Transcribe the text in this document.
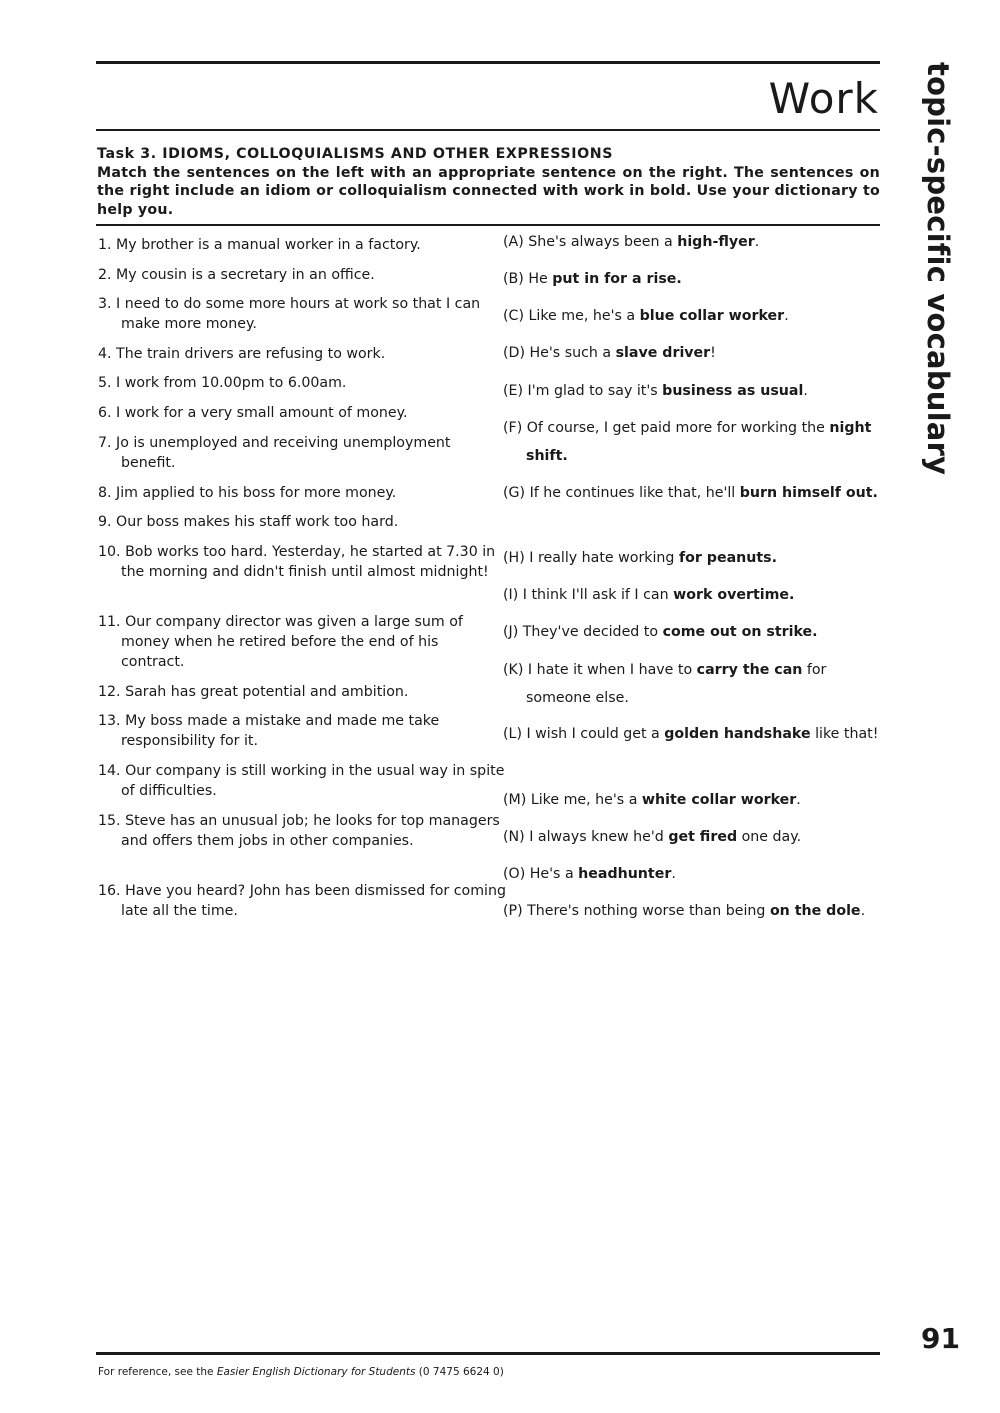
Work
Task 3. IDIOMS, COLLOQUIALISMS AND OTHER EXPRESSIONS
Match the sentences on the left with an appropriate sentence on the right. The sentences on the right include an idiom or colloquialism connected with work in bold. Use your dictionary to help you.
1. My brother is a manual worker in a factory.
2. My cousin is a secretary in an office.
3. I need to do some more hours at work so that I can make more money.
4. The train drivers are refusing to work.
5. I work from 10.00pm to 6.00am.
6. I work for a very small amount of money.
7. Jo is unemployed and receiving unemployment benefit.
8. Jim applied to his boss for more money.
9. Our boss makes his staff work too hard.
10. Bob works too hard. Yesterday, he started at 7.30 in the morning and didn't finish until almost midnight!
11. Our company director was given a large sum of money when he retired before the end of his contract.
12. Sarah has great potential and ambition.
13. My boss made a mistake and made me take responsibility for it.
14. Our company is still working in the usual way in spite of difficulties.
15. Steve has an unusual job; he looks for top managers and offers them jobs in other companies.
16. Have you heard? John has been dismissed for coming late all the time.
(A) She's always been a high-flyer.
(B) He put in for a rise.
(C) Like me, he's a blue collar worker.
(D) He's such a slave driver!
(E) I'm glad to say it's business as usual.
(F) Of course, I get paid more for working the night shift.
(G) If he continues like that, he'll burn himself out.
(H) I really hate working for peanuts.
(I) I think I'll ask if I can work overtime.
(J) They've decided to come out on strike.
(K) I hate it when I have to carry the can for someone else.
(L) I wish I could get a golden handshake like that!
(M) Like me, he's a white collar worker.
(N) I always knew he'd get fired one day.
(O) He's a headhunter.
(P) There's nothing worse than being on the dole.
topic-specific vocabulary
91
For reference, see the Easier English Dictionary for Students (0 7475 6624 0)
